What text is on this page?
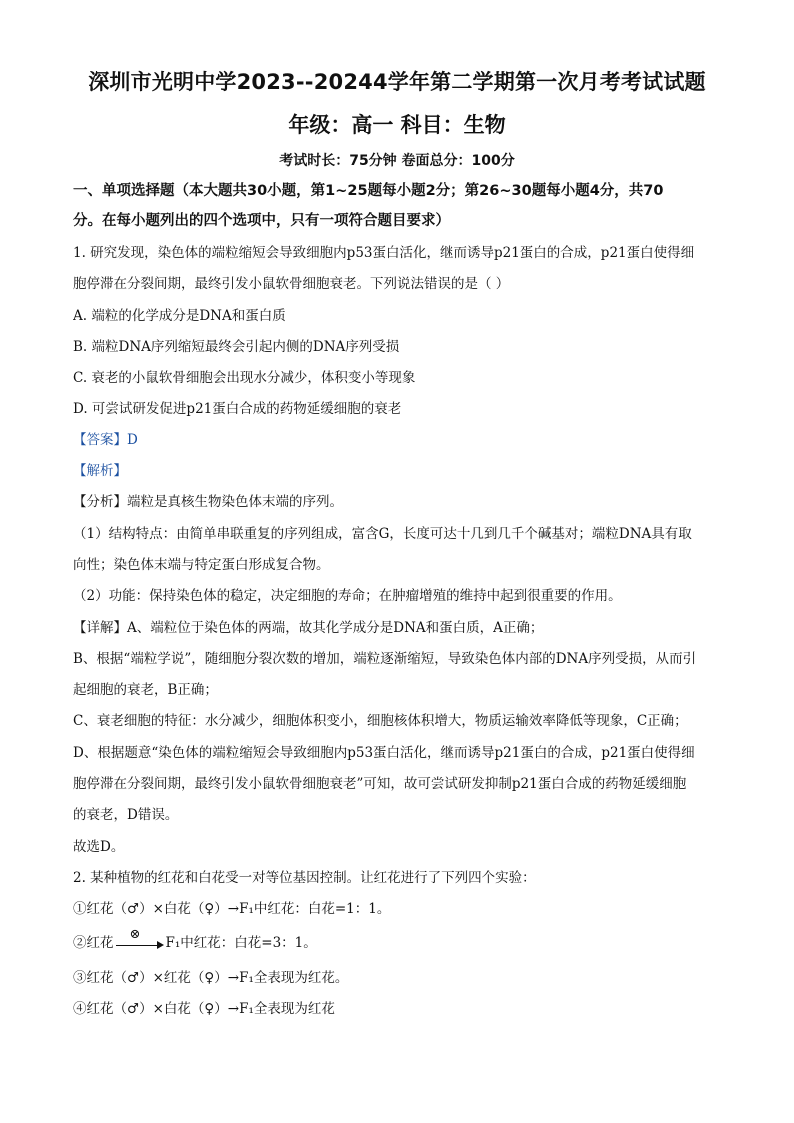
深圳市光明中学2023--20244学年第二学期第一次月考考试试题
年级：高一 科目：生物
考试时长：75分钟 卷面总分：100分
一、单项选择题（本大题共30小题，第1~25题每小题2分；第26~30题每小题4分，共70
分。在每小题列出的四个选项中，只有一项符合题目要求）
1. 研究发现，染色体的端粒缩短会导致细胞内p53蛋白活化，继而诱导p21蛋白的合成，p21蛋白使得细
胞停滞在分裂间期，最终引发小鼠软骨细胞衰老。下列说法错误的是（ ）
A. 端粒的化学成分是DNA和蛋白质
B. 端粒DNA序列缩短最终会引起内侧的DNA序列受损
C. 衰老的小鼠软骨细胞会出现水分减少，体积变小等现象
D. 可尝试研发促进p21蛋白合成的药物延缓细胞的衰老
【答案】D
【解析】
【分析】端粒是真核生物染色体末端的序列。
（1）结构特点：由简单串联重复的序列组成，富含G，长度可达十几到几千个碱基对；端粒DNA具有取
向性；染色体末端与特定蛋白形成复合物。
（2）功能：保持染色体的稳定，决定细胞的寿命；在肿瘤增殖的维持中起到很重要的作用。
【详解】A、端粒位于染色体的两端，故其化学成分是DNA和蛋白质，A正确；
B、根据“端粒学说”，随细胞分裂次数的增加，端粒逐渐缩短，导致染色体内部的DNA序列受损，从而引
起细胞的衰老，B正确；
C、衰老细胞的特征：水分减少，细胞体积变小，细胞核体积增大，物质运输效率降低等现象，C正确；
D、根据题意“染色体的端粒缩短会导致细胞内p53蛋白活化，继而诱导p21蛋白的合成，p21蛋白使得细
胞停滞在分裂间期，最终引发小鼠软骨细胞衰老”可知，故可尝试研发抑制p21蛋白合成的药物延缓细胞
的衰老，D错误。
故选D。
2. 某种植物的红花和白花受一对等位基因控制。让红花进行了下列四个实验：
①红花（♂）×白花（♀）→F₁中红花：白花=1：1。
②红花
⊗
F₁中红花：白花=3：1。
③红花（♂）×红花（♀）→F₁全表现为红花。
④红花（♂）×白花（♀）→F₁全表现为红花
